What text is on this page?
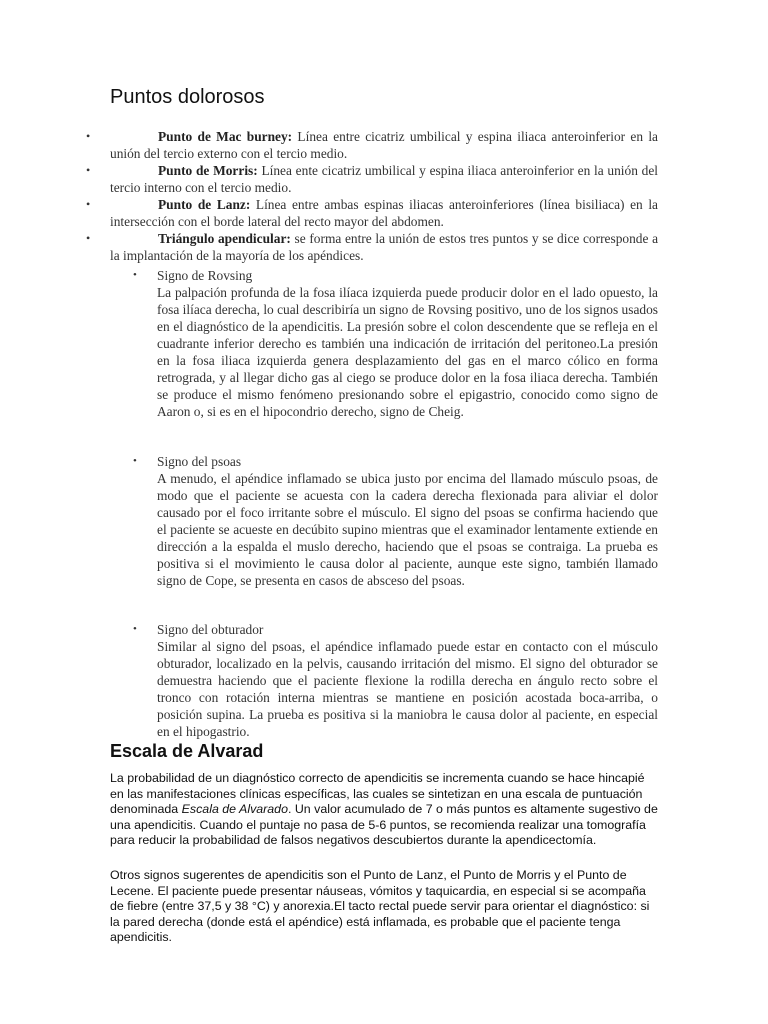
Puntos dolorosos
•	Punto de Mac burney: Línea entre cicatriz umbilical y espina iliaca anteroinferior en la unión del tercio externo con el tercio medio.
•	Punto de Morris: Línea ente cicatriz umbilical y espina iliaca anteroinferior en la unión del tercio interno con el tercio medio.
•	Punto de Lanz: Línea entre ambas espinas iliacas anteroinferiores (línea bisiliaca) en la intersección con el borde lateral del recto mayor del abdomen.
•	Triángulo apendicular: se forma entre la unión de estos tres puntos y se dice corresponde a la implantación de la mayoría de los apéndices.
• Signo de Rovsing
La palpación profunda de la fosa ilíaca izquierda puede producir dolor en el lado opuesto, la fosa ilíaca derecha, lo cual describiría un signo de Rovsing positivo, uno de los signos usados en el diagnóstico de la apendicitis. La presión sobre el colon descendente que se refleja en el cuadrante inferior derecho es también una indicación de irritación del peritoneo.La presión en la fosa iliaca izquierda genera desplazamiento del gas en el marco cólico en forma retrograda, y al llegar dicho gas al ciego se produce dolor en la fosa iliaca derecha. También se produce el mismo fenómeno presionando sobre el epigastrio, conocido como signo de Aaron o, si es en el hipocondrio derecho, signo de Cheig.
• Signo del psoas
A menudo, el apéndice inflamado se ubica justo por encima del llamado músculo psoas, de modo que el paciente se acuesta con la cadera derecha flexionada para aliviar el dolor causado por el foco irritante sobre el músculo. El signo del psoas se confirma haciendo que el paciente se acueste en decúbito supino mientras que el examinador lentamente extiende en dirección a la espalda el muslo derecho, haciendo que el psoas se contraiga. La prueba es positiva si el movimiento le causa dolor al paciente, aunque este signo, también llamado signo de Cope, se presenta en casos de absceso del psoas.
• Signo del obturador
Similar al signo del psoas, el apéndice inflamado puede estar en contacto con el músculo obturador, localizado en la pelvis, causando irritación del mismo. El signo del obturador se demuestra haciendo que el paciente flexione la rodilla derecha en ángulo recto sobre el tronco con rotación interna mientras se mantiene en posición acostada boca-arriba, o posición supina. La prueba es positiva si la maniobra le causa dolor al paciente, en especial en el hipogastrio.
Escala de Alvarad

La probabilidad de un diagnóstico correcto de apendicitis se incrementa cuando se hace hincapié en las manifestaciones clínicas específicas, las cuales se sintetizan en una escala de puntuación denominada Escala de Alvarado. Un valor acumulado de 7 o más puntos es altamente sugestivo de una apendicitis. Cuando el puntaje no pasa de 5-6 puntos, se recomienda realizar una tomografía para reducir la probabilidad de falsos negativos descubiertos durante la apendicectomía.

Otros signos sugerentes de apendicitis son el Punto de Lanz, el Punto de Morris y el Punto de Lecene. El paciente puede presentar náuseas, vómitos y taquicardia, en especial si se acompaña de fiebre (entre 37,5 y 38 °C) y anorexia.El tacto rectal puede servir para orientar el diagnóstico: si la pared derecha (donde está el apéndice) está inflamada, es probable que el paciente tenga apendicitis.
